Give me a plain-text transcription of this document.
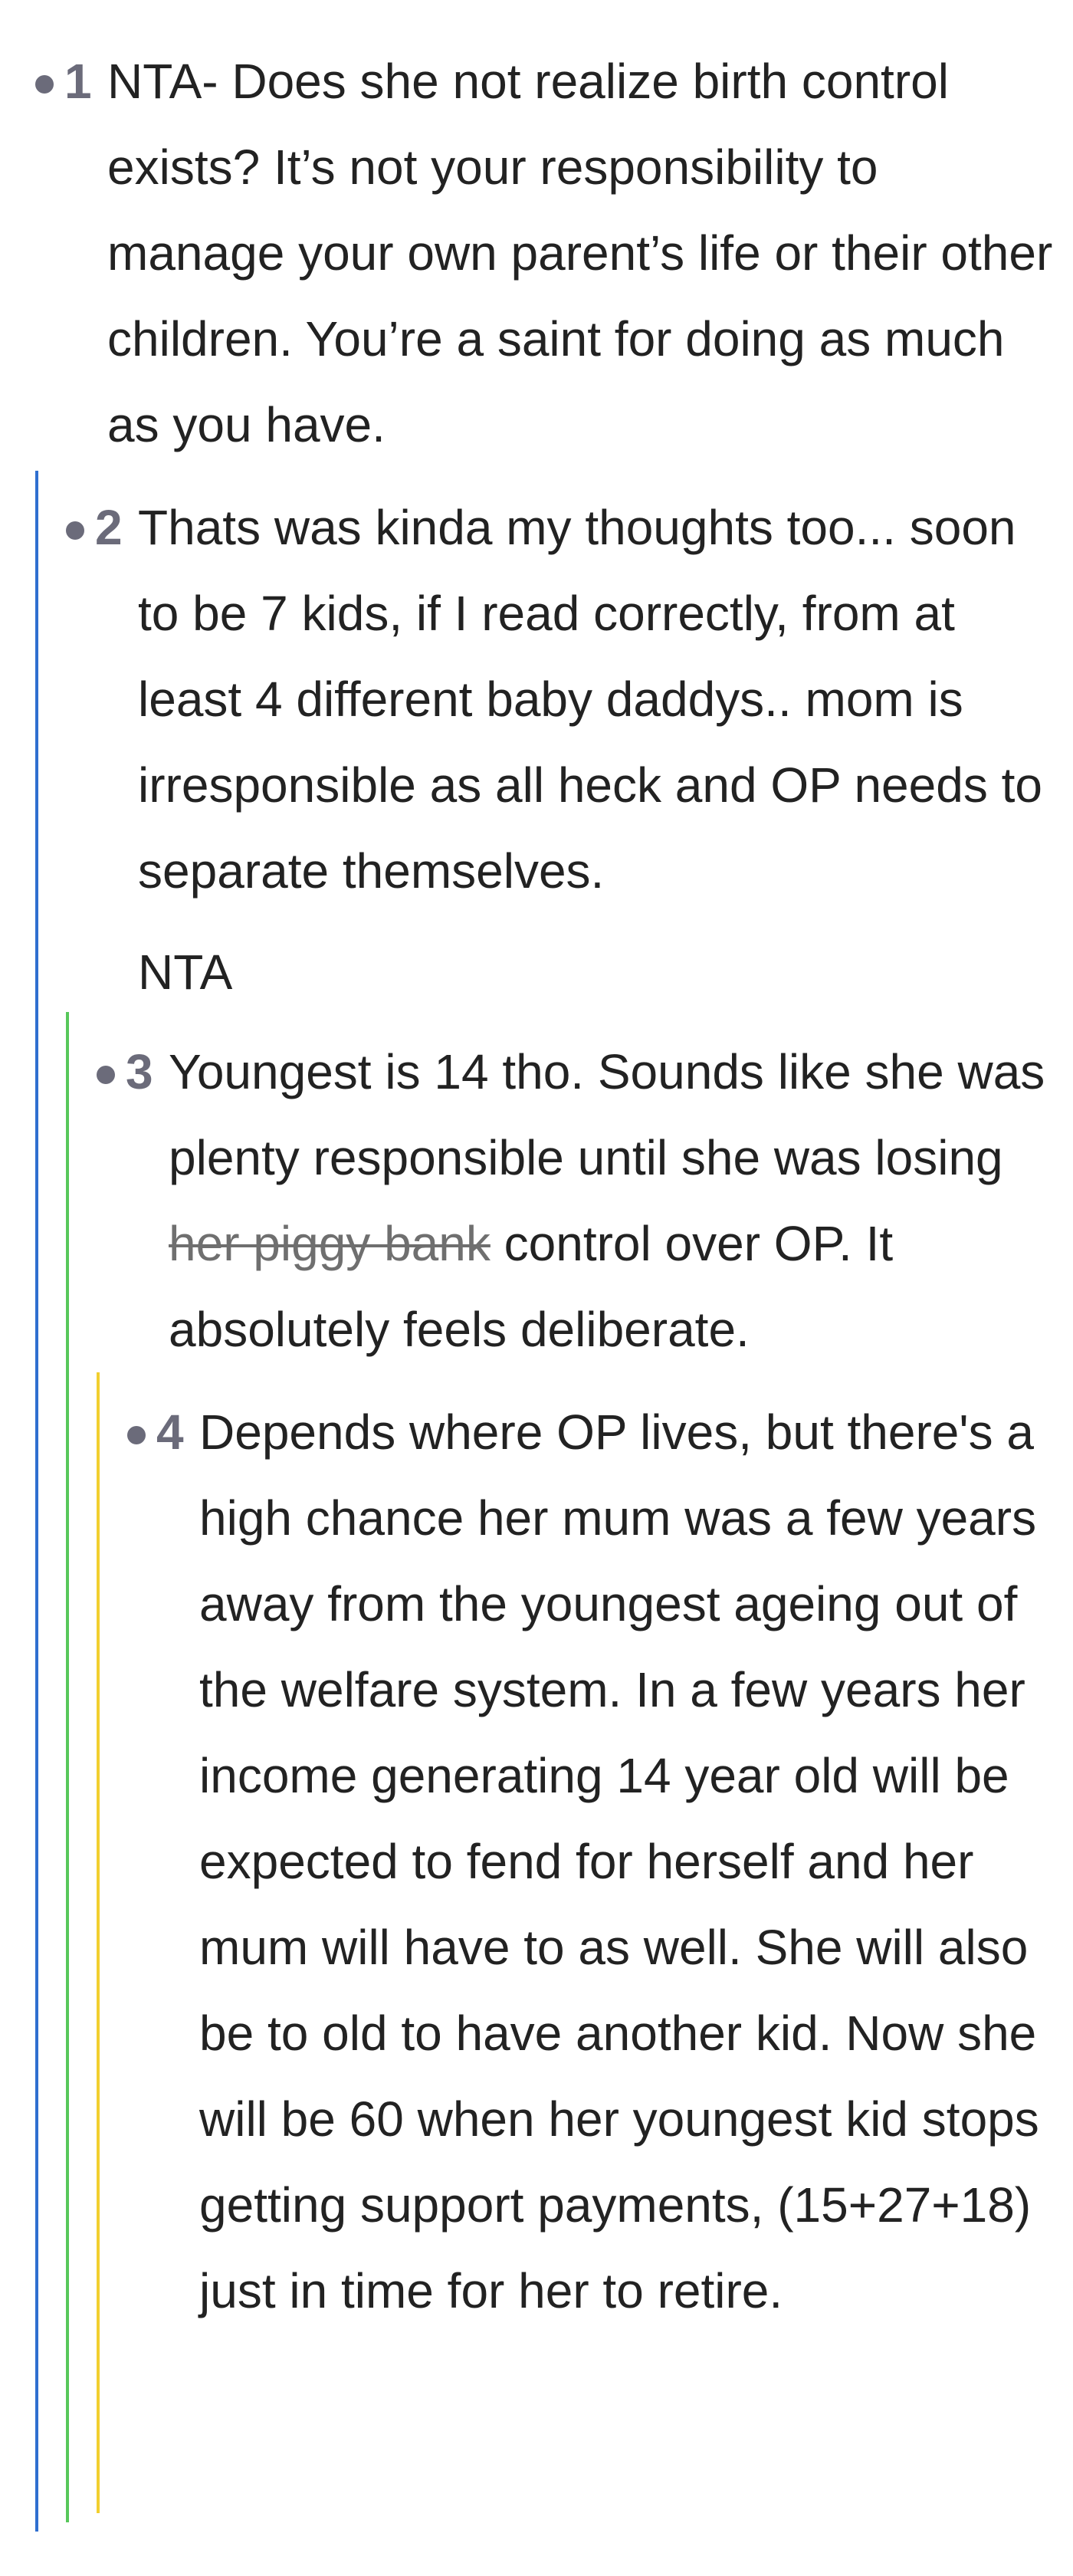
1 NTA- Does she not realize birth control exists? It’s not your responsibility to manage your own parent’s life or their other children. You’re a saint for doing as much as you have.

2 Thats was kinda my thoughts too... soon to be 7 kids, if I read correctly, from at least 4 different baby daddys.. mom is irresponsible as all heck and OP needs to separate themselves.

NTA

3 Youngest is 14 tho. Sounds like she was plenty responsible until she was losing her piggy bank control over OP. It absolutely feels deliberate.

4 Depends where OP lives, but there's a high chance her mum was a few years away from the youngest ageing out of the welfare system. In a few years her income generating 14 year old will be expected to fend for herself and her mum will have to as well. She will also be to old to have another kid. Now she will be 60 when her youngest kid stops getting support payments, (15+27+18) just in time for her to retire.
